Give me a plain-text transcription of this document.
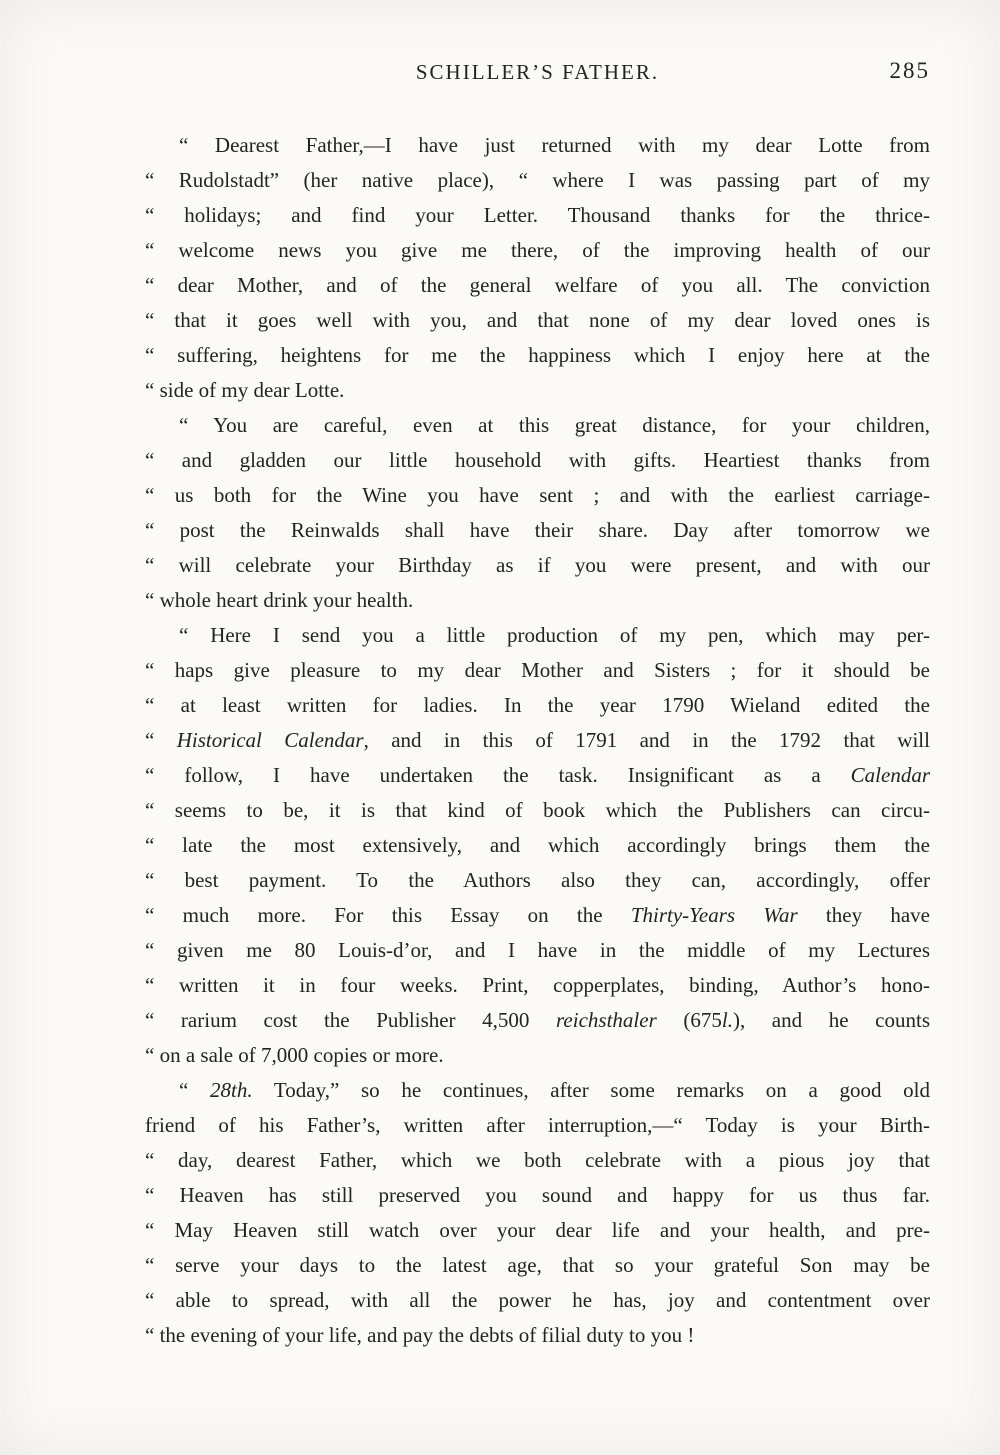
SCHILLER’S FATHER.	285
“ Dearest Father,—I have just returned with my dear Lotte from
“ Rudolstadt” (her native place), “ where I was passing part of my
“ holidays; and find your Letter. Thousand thanks for the thrice-
“ welcome news you give me there, of the improving health of our
“ dear Mother, and of the general welfare of you all. The conviction
“ that it goes well with you, and that none of my dear loved ones is
“ suffering, heightens for me the happiness which I enjoy here at the
“ side of my dear Lotte.
“ You are careful, even at this great distance, for your children,
“ and gladden our little household with gifts. Heartiest thanks from
“ us both for the Wine you have sent ; and with the earliest carriage-
“ post the Reinwalds shall have their share. Day after tomorrow we
“ will celebrate your Birthday as if you were present, and with our
“ whole heart drink your health.
“ Here I send you a little production of my pen, which may per-
“ haps give pleasure to my dear Mother and Sisters ; for it should be
“ at least written for ladies. In the year 1790 Wieland edited the
“ Historical Calendar, and in this of 1791 and in the 1792 that will
“ follow, I have undertaken the task. Insignificant as a Calendar
“ seems to be, it is that kind of book which the Publishers can circu-
“ late the most extensively, and which accordingly brings them the
“ best payment. To the Authors also they can, accordingly, offer
“ much more. For this Essay on the Thirty-Years War they have
“ given me 80 Louis-d’or, and I have in the middle of my Lectures
“ written it in four weeks. Print, copperplates, binding, Author’s hono-
“ rarium cost the Publisher 4,500 reichsthaler (675l.), and he counts
“ on a sale of 7,000 copies or more.
“ 28th. Today,” so he continues, after some remarks on a good old
friend of his Father’s, written after interruption,—“ Today is your Birth-
“ day, dearest Father, which we both celebrate with a pious joy that
“ Heaven has still preserved you sound and happy for us thus far.
“ May Heaven still watch over your dear life and your health, and pre-
“ serve your days to the latest age, that so your grateful Son may be
“ able to spread, with all the power he has, joy and contentment over
“ the evening of your life, and pay the debts of filial duty to you !
